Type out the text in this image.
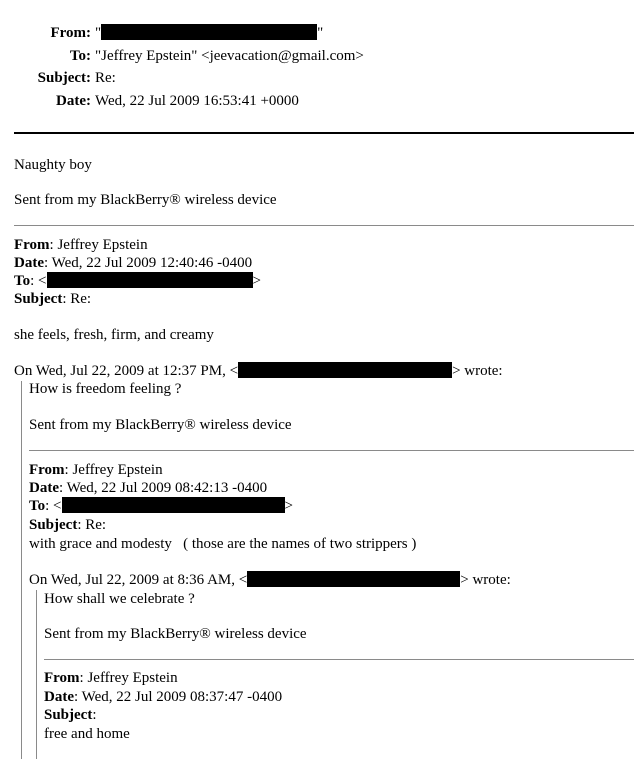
From: "	"
To: "Jeffrey Epstein" <jeevacation@gmail.com>
Subject: Re:
Date: Wed, 22 Jul 2009 16:53:41 +0000
Naughty boy
Sent from my BlackBerry® wireless device
From: Jeffrey Epstein
Date: Wed, 22 Jul 2009 12:40:46 -0400
To: <	>
Subject: Re:
she feels, fresh, firm, and creamy
On Wed, Jul 22, 2009 at 12:37 PM, <	> wrote:
How is freedom feeling ?
Sent from my BlackBerry® wireless device
From: Jeffrey Epstein
Date: Wed, 22 Jul 2009 08:42:13 -0400
To: <	>
Subject: Re:
with grace and modesty   ( those are the names of two strippers )
On Wed, Jul 22, 2009 at 8:36 AM, <	> wrote:
How shall we celebrate ?
Sent from my BlackBerry® wireless device
From: Jeffrey Epstein
Date: Wed, 22 Jul 2009 08:37:47 -0400
Subject:
free and home
